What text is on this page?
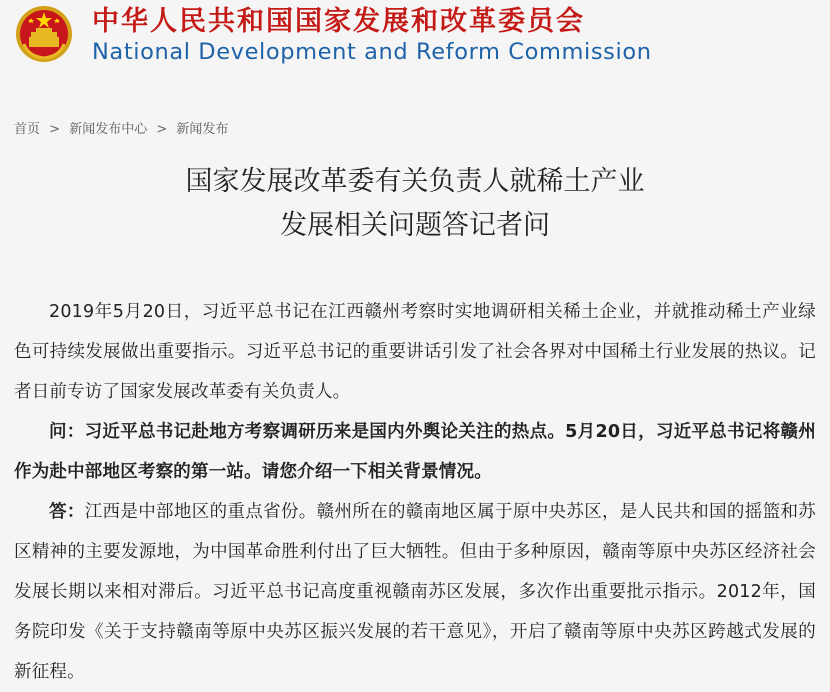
中华人民共和国国家发展和改革委员会
National Development and Reform Commission
首页 > 新闻发布中心 > 新闻发布
国家发展改革委有关负责人就稀土产业
发展相关问题答记者问

2019年5月20日，习近平总书记在江西赣州考察时实地调研相关稀土企业，并就推动稀土产业绿色可持续发展做出重要指示。习近平总书记的重要讲话引发了社会各界对中国稀土行业发展的热议。记者日前专访了国家发展改革委有关负责人。

问：习近平总书记赴地方考察调研历来是国内外舆论关注的热点。5月20日，习近平总书记将赣州作为赴中部地区考察的第一站。请您介绍一下相关背景情况。

答：江西是中部地区的重点省份。赣州所在的赣南地区属于原中央苏区，是人民共和国的摇篮和苏区精神的主要发源地，为中国革命胜利付出了巨大牺牲。但由于多种原因，赣南等原中央苏区经济社会发展长期以来相对滞后。习近平总书记高度重视赣南苏区发展，多次作出重要批示指示。2012年，国务院印发《关于支持赣南等原中央苏区振兴发展的若干意见》，开启了赣南等原中央苏区跨越式发展的新征程。
